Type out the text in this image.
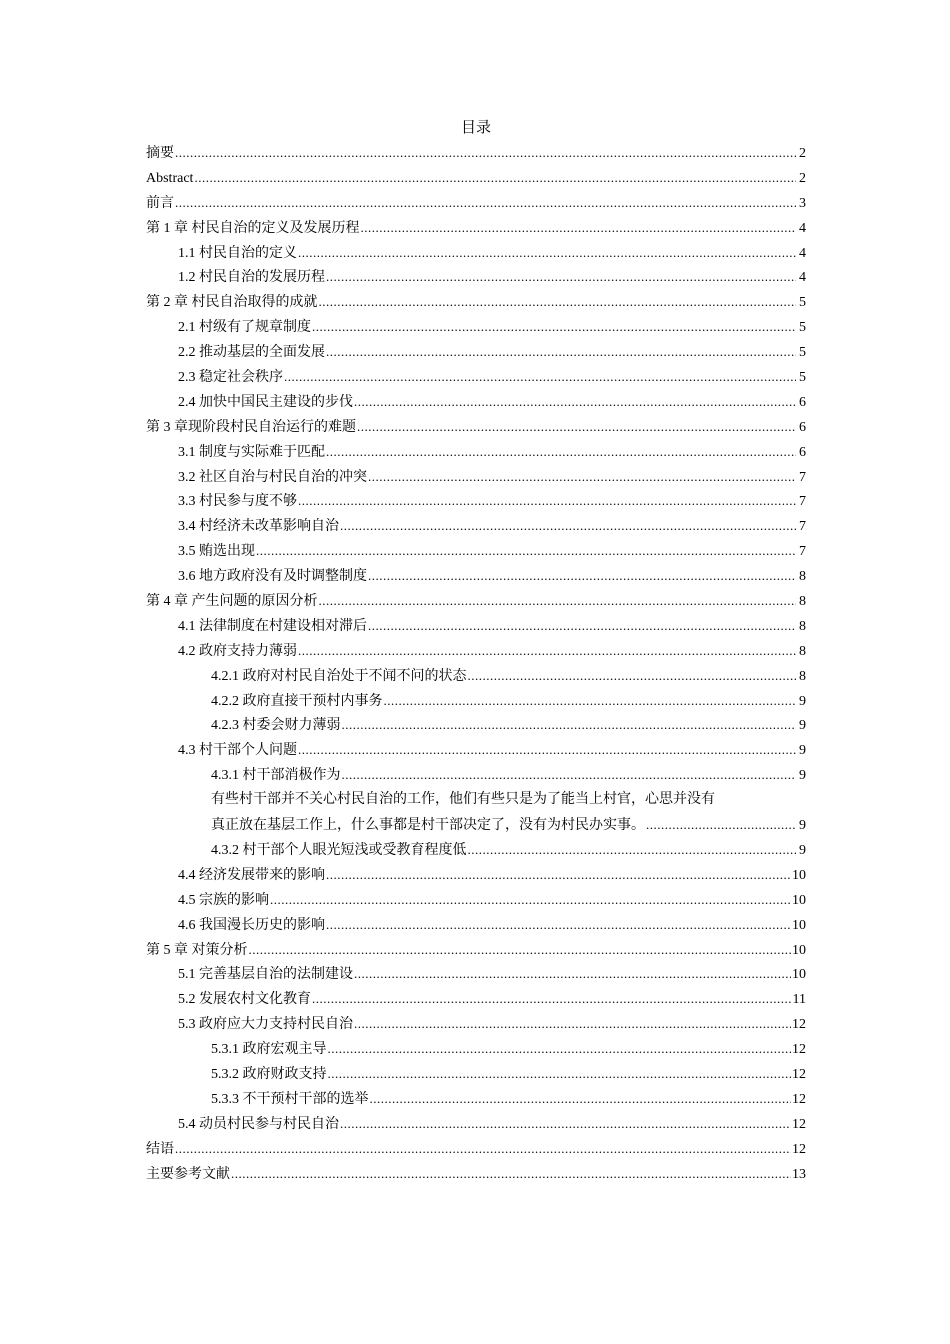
目录
摘要 .....	2
Abstract .....	2
前言 .....	3
第 1 章 村民自治的定义及发展历程 .....	4
1.1 村民自治的定义 .....	4
1.2 村民自治的发展历程 .....	4
第 2 章 村民自治取得的成就 .....	5
2.1 村级有了规章制度 .....	5
2.2 推动基层的全面发展 .....	5
2.3 稳定社会秩序 .....	5
2.4 加快中国民主建设的步伐 .....	6
第 3 章现阶段村民自治运行的难题 .....	6
3.1 制度与实际难于匹配 .....	6
3.2 社区自治与村民自治的冲突 .....	7
3.3 村民参与度不够 .....	7
3.4 村经济未改革影响自治 .....	7
3.5 贿选出现 .....	7
3.6 地方政府没有及时调整制度 .....	8
第 4 章 产生问题的原因分析 .....	8
4.1 法律制度在村建设相对滞后 .....	8
4.2 政府支持力薄弱 .....	8
4.2.1 政府对村民自治处于不闻不问的状态 .....	8
4.2.2 政府直接干预村内事务 .....	9
4.2.3 村委会财力薄弱 .....	9
4.3 村干部个人问题 .....	9
4.3.1 村干部消极作为 .....	9
有些村干部并不关心村民自治的工作，他们有些只是为了能当上村官，心思并没有
真正放在基层工作上，什么事都是村干部决定了，没有为村民办实事。 .....	9
4.3.2 村干部个人眼光短浅或受教育程度低 .....	9
4.4 经济发展带来的影响 .....	10
4.5 宗族的影响 .....	10
4.6 我国漫长历史的影响 .....	10
第 5 章 对策分析 .....	10
5.1 完善基层自治的法制建设 .....	10
5.2 发展农村文化教育 .....	11
5.3 政府应大力支持村民自治 .....	12
5.3.1 政府宏观主导 .....	12
5.3.2 政府财政支持 .....	12
5.3.3 不干预村干部的选举 .....	12
5.4 动员村民参与村民自治 .....	12
结语 .....	12
主要参考文献 .....	13
